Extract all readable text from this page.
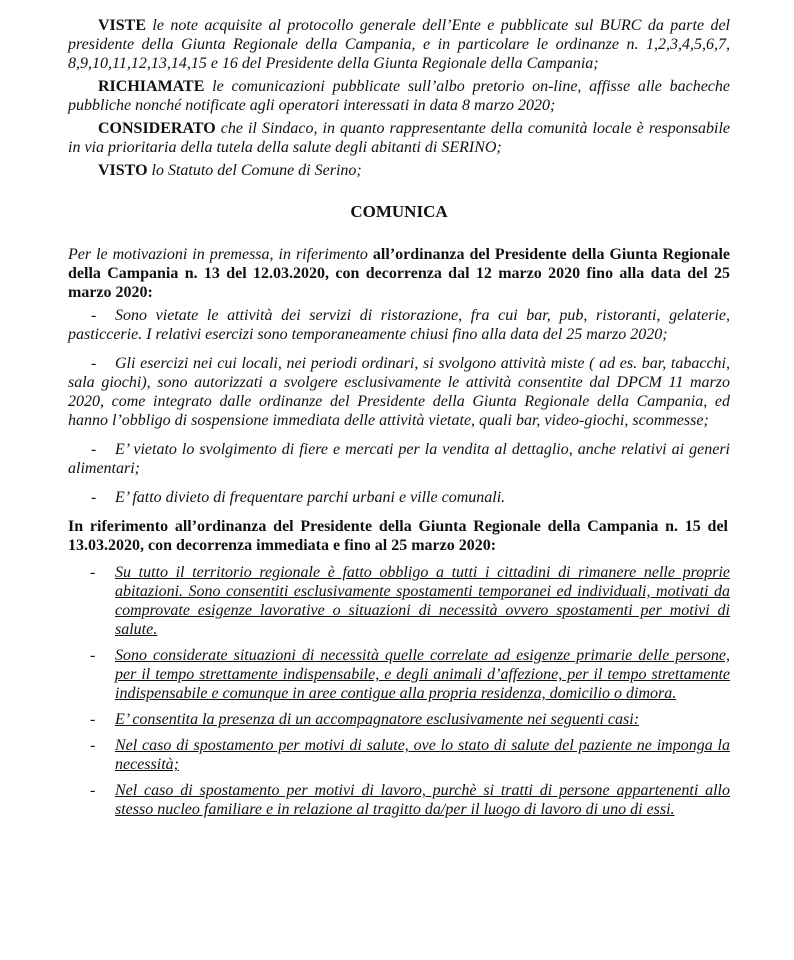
VISTE le note acquisite al protocollo generale dell’Ente e pubblicate sul BURC da parte del presidente della Giunta Regionale della Campania, e in particolare le ordinanze n. 1,2,3,4,5,6,7, 8,9,10,11,12,13,14,15 e 16 del Presidente della Giunta Regionale della Campania;

RICHIAMATE le comunicazioni pubblicate sull’albo pretorio on-line, affisse alle bacheche pubbliche nonché notificate agli operatori interessati in data 8 marzo 2020;

CONSIDERATO che il Sindaco, in quanto rappresentante della comunità locale è responsabile in via prioritaria della tutela della salute degli abitanti di SERINO;

VISTO lo Statuto del Comune di Serino;

COMUNICA

Per le motivazioni in premessa, in riferimento all’ordinanza del Presidente della Giunta Regionale della Campania n. 13 del 12.03.2020, con decorrenza dal 12 marzo 2020 fino alla data del 25 marzo 2020:

- Sono vietate le attività dei servizi di ristorazione, fra cui bar, pub, ristoranti, gelaterie, pasticcerie. I relativi esercizi sono temporaneamente chiusi fino alla data del 25 marzo 2020;

- Gli esercizi nei cui locali, nei periodi ordinari, si svolgono attività miste ( ad es. bar, tabacchi, sala giochi), sono autorizzati a svolgere esclusivamente le attività consentite dal DPCM 11 marzo 2020, come integrato dalle ordinanze del Presidente della Giunta Regionale della Campania, ed hanno l’obbligo di sospensione immediata delle attività vietate, quali bar, video-giochi, scommesse;

- E’ vietato lo svolgimento di fiere e mercati per la vendita al dettaglio, anche relativi ai generi alimentari;

- E’ fatto divieto di frequentare parchi urbani e ville comunali.

In riferimento all’ordinanza del Presidente della Giunta Regionale della Campania n. 15 del 13.03.2020, con decorrenza immediata e fino al 25 marzo 2020:

- Su tutto il territorio regionale è fatto obbligo a tutti i cittadini di rimanere nelle proprie abitazioni. Sono consentiti esclusivamente spostamenti temporanei ed individuali, motivati da comprovate esigenze lavorative o situazioni di necessità ovvero spostamenti per motivi di salute.
- Sono considerate situazioni di necessità quelle correlate ad esigenze primarie delle persone, per il tempo strettamente indispensabile, e degli animali d’affezione, per il tempo strettamente indispensabile e comunque in aree contigue alla propria residenza, domicilio o dimora.
- E’ consentita la presenza di un accompagnatore esclusivamente nei seguenti casi:
- Nel caso di spostamento per motivi di salute, ove lo stato di salute del paziente ne imponga la necessità;
- Nel caso di spostamento per motivi di lavoro, purchè si tratti di persone appartenenti allo stesso nucleo familiare e in relazione al tragitto da/per il luogo di lavoro di uno di essi.
